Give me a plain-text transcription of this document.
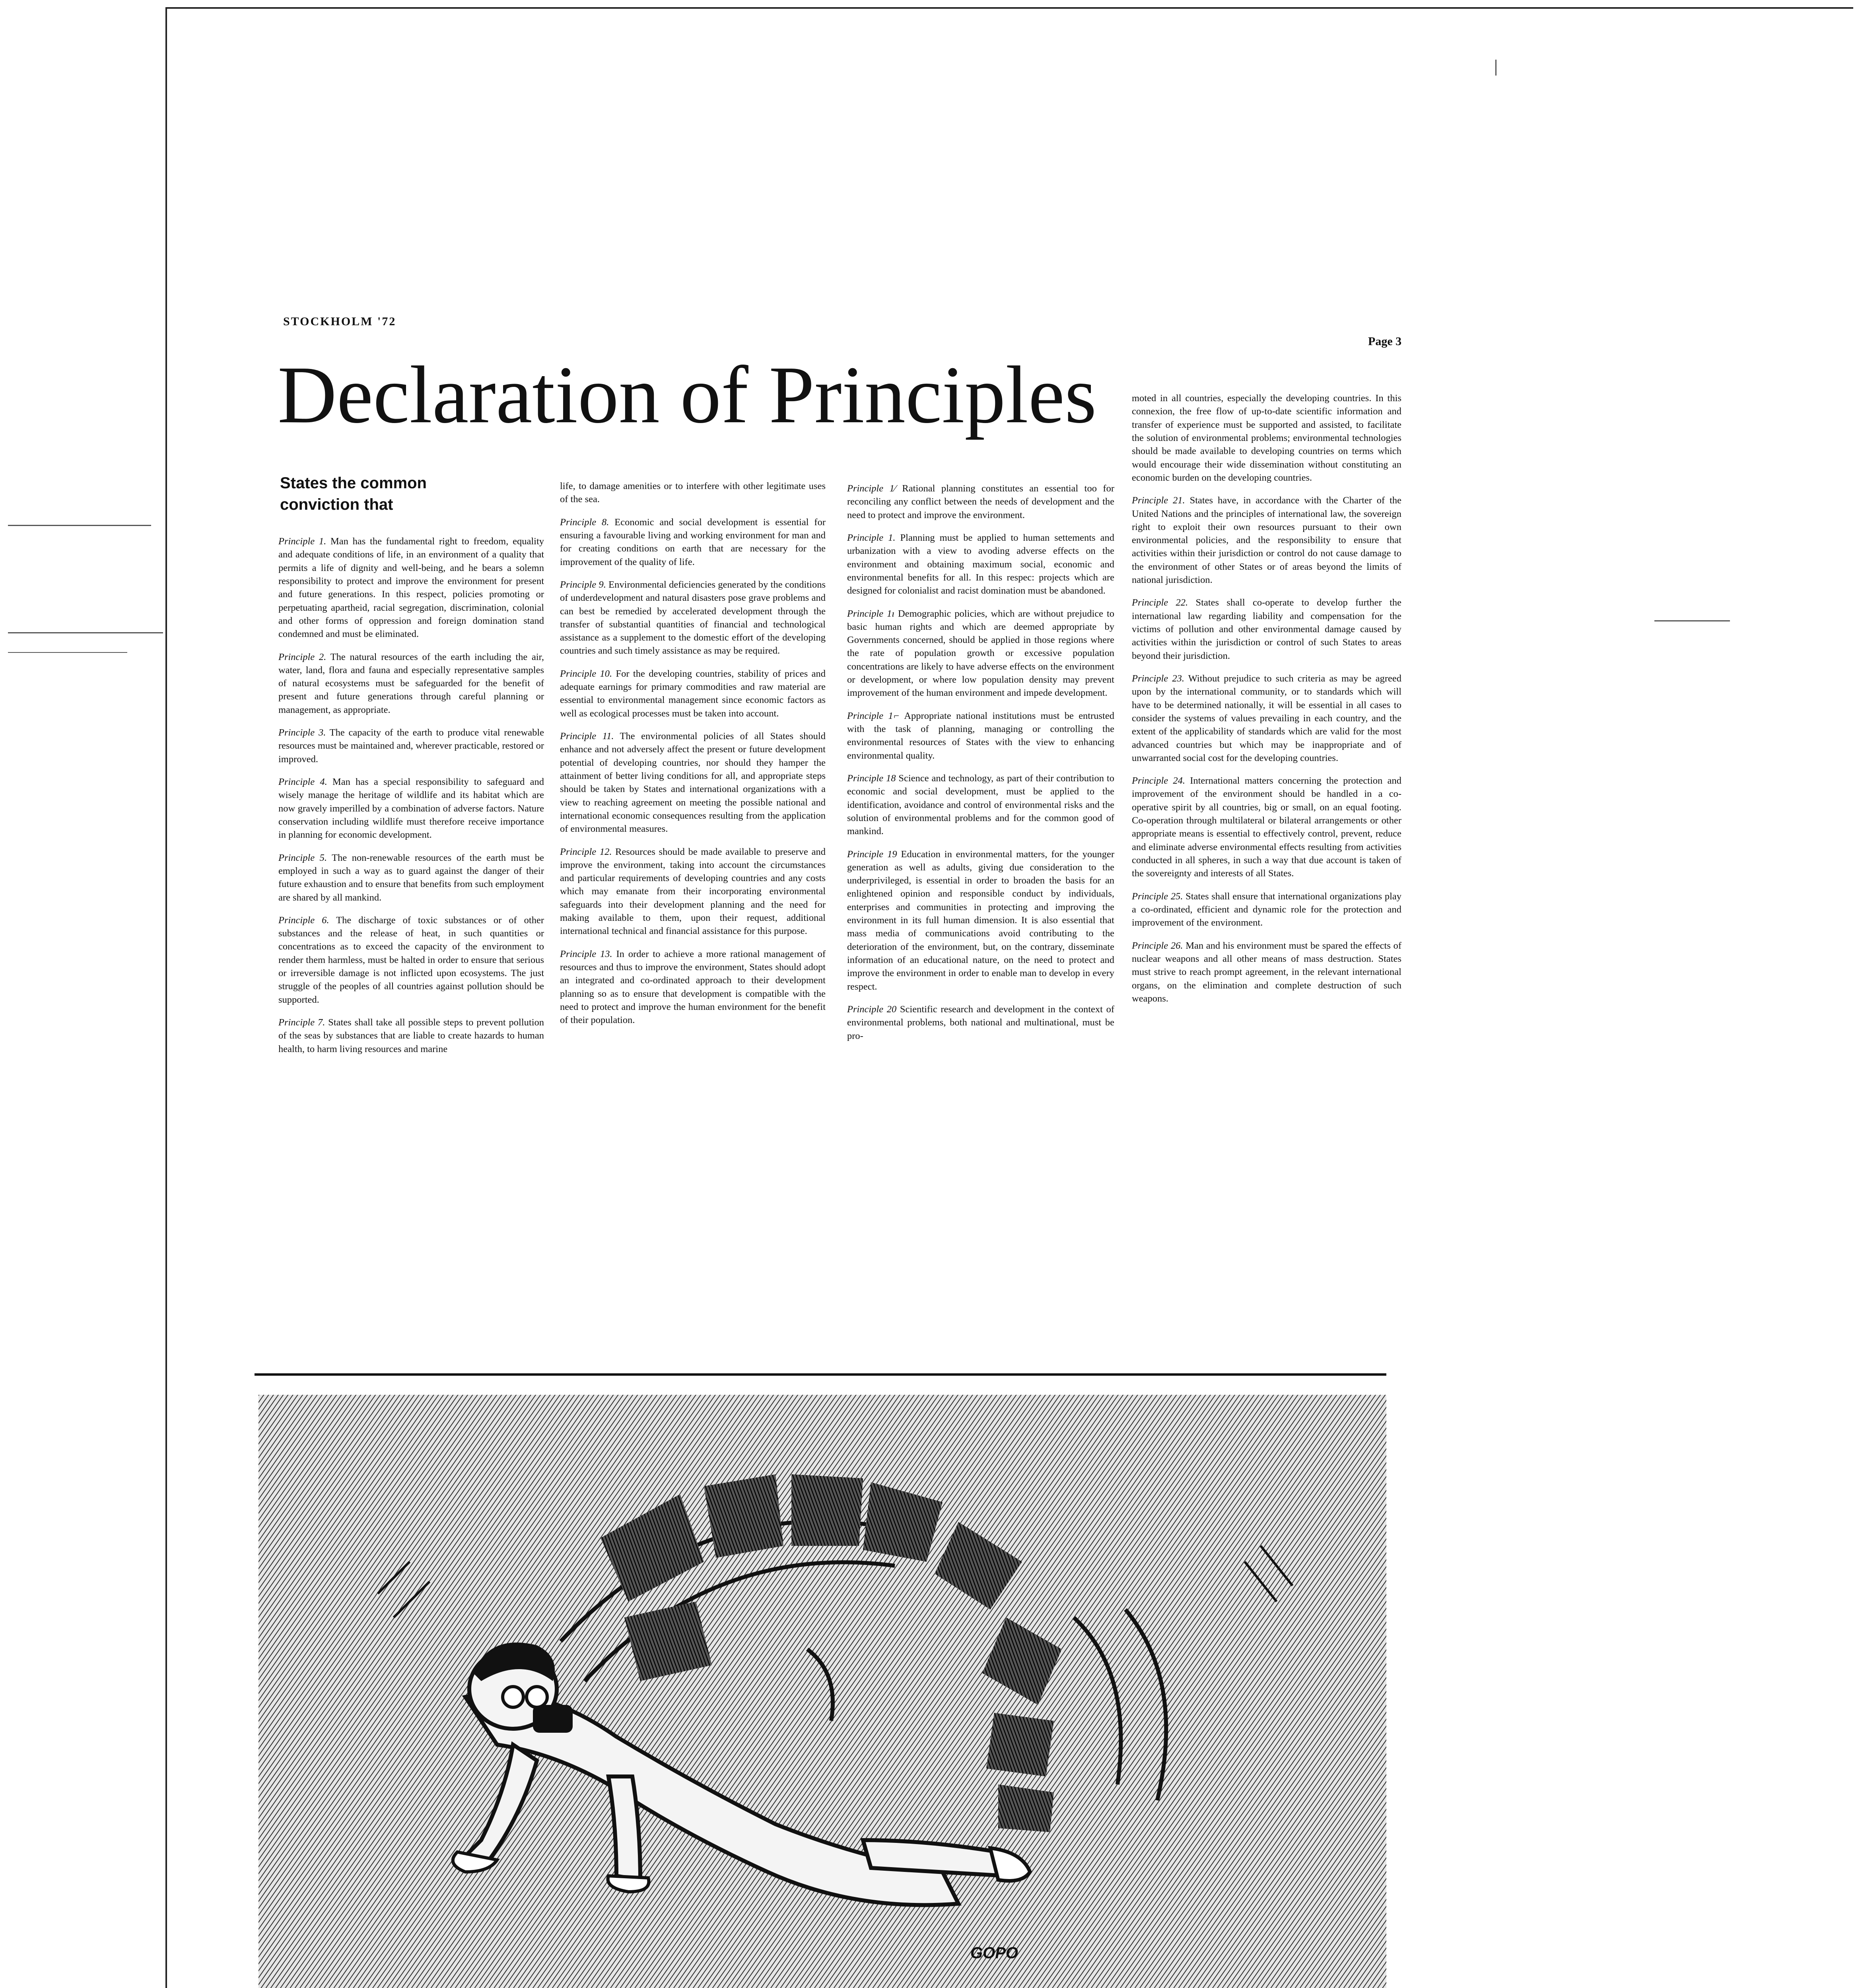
STOCKHOLM '72
Page 3
Declaration of Principles
States the common conviction that

Principle 1. Man has the fundamental right to freedom, equality and adequate conditions of life, in an environment of a quality that permits a life of dignity and well-being, and he bears a solemn responsibility to protect and improve the environment for present and future generations. In this respect, policies promoting or perpetuating apartheid, racial segregation, discrimination, colonial and other forms of oppression and foreign domination stand condemned and must be eliminated.

Principle 2. The natural resources of the earth including the air, water, land, flora and fauna and especially representative samples of natural ecosystems must be safeguarded for the benefit of present and future generations through careful planning or management, as appropriate.

Principle 3. The capacity of the earth to produce vital renewable resources must be maintained and, wherever practicable, restored or improved.

Principle 4. Man has a special responsibility to safeguard and wisely manage the heritage of wildlife and its habitat which are now gravely imperilled by a combination of adverse factors. Nature conservation including wildlife must therefore receive importance in planning for economic development.

Principle 5. The non-renewable resources of the earth must be employed in such a way as to guard against the danger of their future exhaustion and to ensure that benefits from such employment are shared by all mankind.

Principle 6. The discharge of toxic substances or of other substances and the release of heat, in such quantities or concentrations as to exceed the capacity of the environment to render them harmless, must be halted in order to ensure that serious or irreversible damage is not inflicted upon ecosystems. The just struggle of the peoples of all countries against pollution should be supported.

Principle 7. States shall take all possible steps to prevent pollution of the seas by substances that are liable to create hazards to human health, to harm living resources and marine

life, to damage amenities or to interfere with other legitimate uses of the sea.

Principle 8. Economic and social development is essential for ensuring a favourable living and working environment for man and for creating conditions on earth that are necessary for the improvement of the quality of life.

Principle 9. Environmental deficiencies generated by the conditions of underdevelopment and natural disasters pose grave problems and can best be remedied by accelerated development through the transfer of substantial quantities of financial and technological assistance as a supplement to the domestic effort of the developing countries and such timely assistance as may be required.

Principle 10. For the developing countries, stability of prices and adequate earnings for primary commodities and raw material are essential to environmental management since economic factors as well as ecological processes must be taken into account.

Principle 11. The environmental policies of all States should enhance and not adversely affect the present or future development potential of developing countries, nor should they hamper the attainment of better living conditions for all, and appropriate steps should be taken by States and international organizations with a view to reaching agreement on meeting the possible national and international economic consequences resulting from the application of environmental measures.

Principle 12. Resources should be made available to preserve and improve the environment, taking into account the circumstances and particular requirements of developing countries and any costs which may emanate from their incorporating environmental safeguards into their development planning and the need for making available to them, upon their request, additional international technical and financial assistance for this purpose.

Principle 13. In order to achieve a more rational management of resources and thus to improve the environment, States should adopt an integrated and co-ordinated approach to their development planning so as to ensure that development is compatible with the need to protect and improve the human environment for the benefit of their population.

Principle 1⁄ Rational planning constitutes an essential too for reconciling any conflict between the needs of development and the need to protect and improve the environment.

Principle 1. Planning must be applied to human settements and urbanization with a view to avoding adverse effects on the environment and obtaining maximum social, economic and environmental benefits for all. In this respec: projects which are designed for colonialist and racist domination must be abandoned.

Principle 1ı Demographic policies, which are without prejudice to basic human rights and which are deemed appropriate by Governments concerned, should be applied in those regions where the rate of population growth or excessive population concentrations are likely to have adverse effects on the environment or development, or where low population density may prevent improvement of the human environment and impede development.

Principle 1⌐ Appropriate national institutions must be entrusted with the task of planning, managing or controlling the environmental resources of States with the view to enhancing environmental quality.

Principle 18 Science and technology, as part of their contribution to economic and social development, must be applied to the identification, avoidance and control of environmental risks and the solution of environmental problems and for the common good of mankind.

Principle 19 Education in environmental matters, for the younger generation as well as adults, giving due consideration to the underprivileged, is essential in order to broaden the basis for an enlightened opinion and responsible conduct by individuals, enterprises and communities in protecting and improving the environment in its full human dimension. It is also essential that mass media of communications avoid contributing to the deterioration of the environment, but, on the contrary, disseminate information of an educational nature, on the need to protect and improve the environment in order to enable man to develop in every respect.

Principle 20 Scientific research and development in the context of environmental problems, both national and multinational, must be pro-

moted in all countries, especially the developing countries. In this connexion, the free flow of up-to-date scientific information and transfer of experience must be supported and assisted, to facilitate the solution of environmental problems; environmental technologies should be made available to developing countries on terms which would encourage their wide dissemination without constituting an economic burden on the developing countries.

Principle 21. States have, in accordance with the Charter of the United Nations and the principles of international law, the sovereign right to exploit their own resources pursuant to their own environmental policies, and the responsibility to ensure that activities within their jurisdiction or control do not cause damage to the environment of other States or of areas beyond the limits of national jurisdiction.

Principle 22. States shall co-operate to develop further the international law regarding liability and compensation for the victims of pollution and other environmental damage caused by activities within the jurisdiction or control of such States to areas beyond their jurisdiction.

Principle 23. Without prejudice to such criteria as may be agreed upon by the international community, or to standards which will have to be determined nationally, it will be essential in all cases to consider the systems of values prevailing in each country, and the extent of the applicability of standards which are valid for the most advanced countries but which may be inappropriate and of unwarranted social cost for the developing countries.

Principle 24. International matters concerning the protection and improvement of the environment should be handled in a co-operative spirit by all countries, big or small, on an equal footing. Co-operation through multilateral or bilateral arrangements or other appropriate means is essential to effectively control, prevent, reduce and eliminate adverse environmental effects resulting from activities conducted in all spheres, in such a way that due account is taken of the sovereignty and interests of all States.

Principle 25. States shall ensure that international organizations play a co-ordinated, efficient and dynamic role for the protection and improvement of the environment.

Principle 26. Man and his environment must be spared the effects of nuclear weapons and all other means of mass destruction. States must strive to reach prompt agreement, in the relevant international organs, on the elimination and complete destruction of such weapons.

GOPO
